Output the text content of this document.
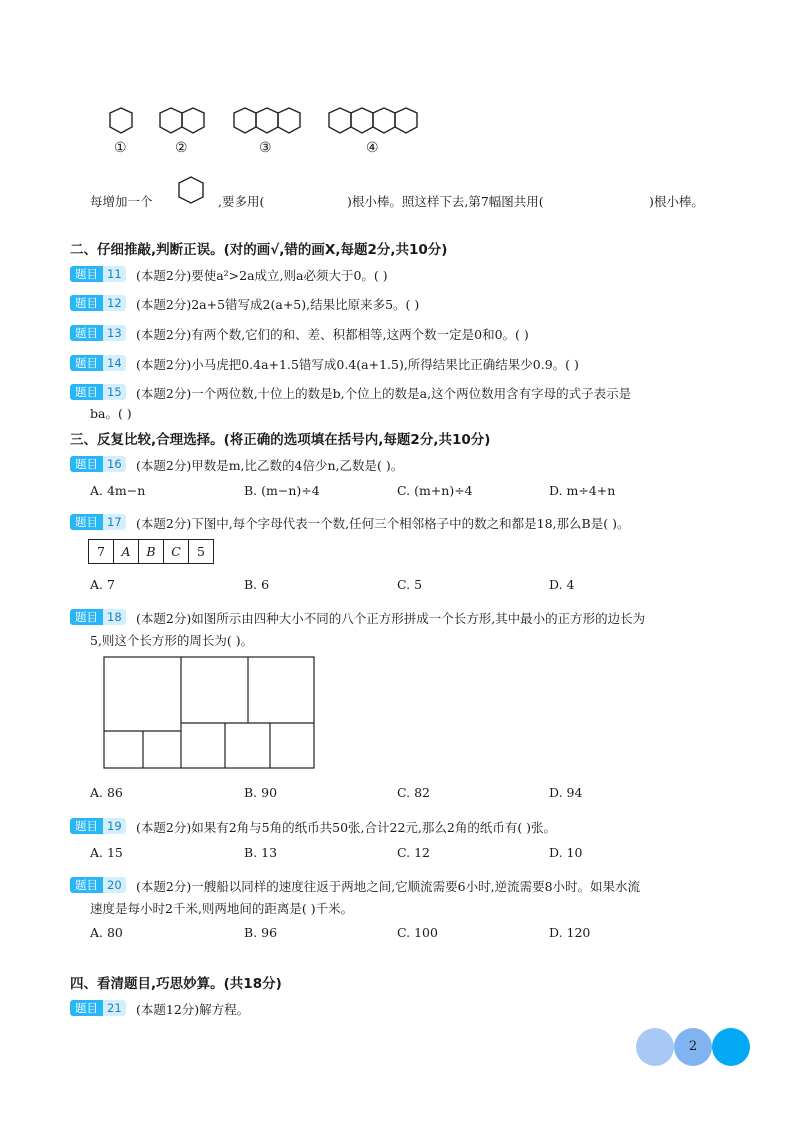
①	②	③	④
每增加一个	,要多用(	)根小棒。照这样下去,第7幅图共用(	)根小棒。
二、仔细推敲,判断正误。(对的画√,错的画X,每题2分,共10分)
题目 11	(本题2分)要使a²>2a成立,则a必须大于0。( )
题目 12	(本题2分)2a+5错写成2(a+5),结果比原来多5。( )
题目 13	(本题2分)有两个数,它们的和、差、积都相等,这两个数一定是0和0。( )
题目 14	(本题2分)小马虎把0.4a+1.5错写成0.4(a+1.5),所得结果比正确结果少0.9。( )
题目 15	(本题2分)一个两位数,十位上的数是b,个位上的数是a,这个两位数用含有字母的式子表示是
ba。( )
三、反复比较,合理选择。(将正确的选项填在括号内,每题2分,共10分)
题目 16	(本题2分)甲数是m,比乙数的4倍少n,乙数是( )。
A. 4m−n	B. (m−n)÷4	C. (m+n)÷4	D. m÷4+n
题目 17	(本题2分)下图中,每个字母代表一个数,任何三个相邻格子中的数之和都是18,那么B是( )。
7	A	B	C	5
A. 7	B. 6	C. 5	D. 4
题目 18	(本题2分)如图所示由四种大小不同的八个正方形拼成一个长方形,其中最小的正方形的边长为
5,则这个长方形的周长为( )。
A. 86	B. 90	C. 82	D. 94
题目 19	(本题2分)如果有2角与5角的纸币共50张,合计22元,那么2角的纸币有( )张。
A. 15	B. 13	C. 12	D. 10
题目 20	(本题2分)一艘船以同样的速度往返于两地之间,它顺流需要6小时,逆流需要8小时。如果水流
速度是每小时2千米,则两地间的距离是( )千米。
A. 80	B. 96	C. 100	D. 120
四、看清题目,巧思妙算。(共18分)
题目 21	(本题12分)解方程。
2
